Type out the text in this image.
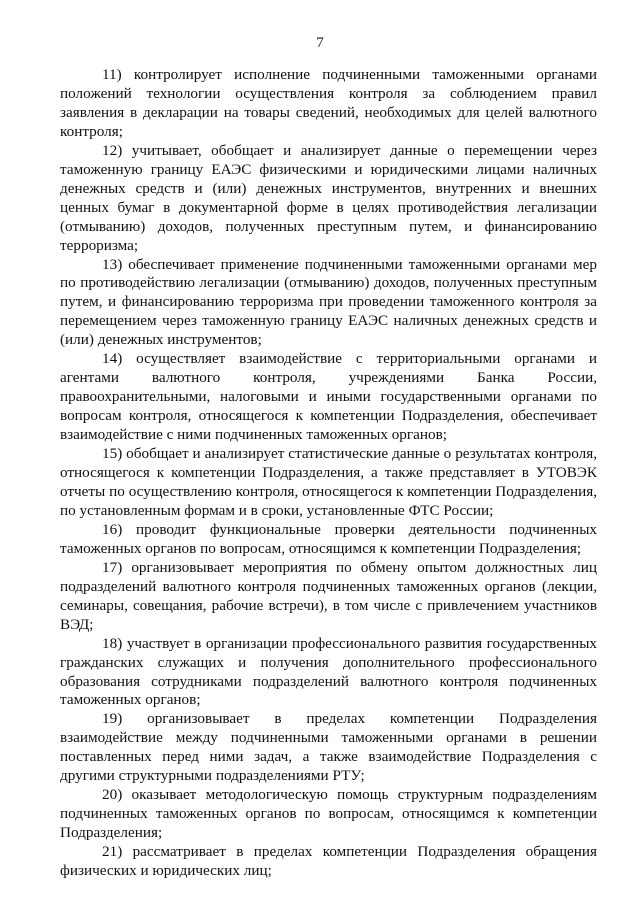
7

11) контролирует исполнение подчиненными таможенными органами положений технологии осуществления контроля за соблюдением правил заявления в декларации на товары сведений, необходимых для целей валютного контроля;

12) учитывает, обобщает и анализирует данные о перемещении через таможенную границу ЕАЭС физическими и юридическими лицами наличных денежных средств и (или) денежных инструментов, внутренних и внешних ценных бумаг в документарной форме в целях противодействия легализации (отмыванию) доходов, полученных преступным путем, и финансированию терроризма;

13) обеспечивает применение подчиненными таможенными органами мер по противодействию легализации (отмыванию) доходов, полученных преступным путем, и финансированию терроризма при проведении таможенного контроля за перемещением через таможенную границу ЕАЭС наличных денежных средств и (или) денежных инструментов;

14) осуществляет взаимодействие с территориальными органами и агентами валютного контроля, учреждениями Банка России, правоохранительными, налоговыми и иными государственными органами по вопросам контроля, относящегося к компетенции Подразделения, обеспечивает взаимодействие с ними подчиненных таможенных органов;

15) обобщает и анализирует статистические данные о результатах контроля, относящегося к компетенции Подразделения, а также представляет в УТОВЭК отчеты по осуществлению контроля, относящегося к компетенции Подразделения, по установленным формам и в сроки, установленные ФТС России;

16) проводит функциональные проверки деятельности подчиненных таможенных органов по вопросам, относящимся к компетенции Подразделения;

17) организовывает мероприятия по обмену опытом должностных лиц подразделений валютного контроля подчиненных таможенных органов (лекции, семинары, совещания, рабочие встречи), в том числе с привлечением участников ВЭД;

18) участвует в организации профессионального развития государственных гражданских служащих и получения дополнительного профессионального образования сотрудниками подразделений валютного контроля подчиненных таможенных органов;

19) организовывает в пределах компетенции Подразделения взаимодействие между подчиненными таможенными органами в решении поставленных перед ними задач, а также взаимодействие Подразделения с другими структурными подразделениями РТУ;

20) оказывает методологическую помощь структурным подразделениям подчиненных таможенных органов по вопросам, относящимся к компетенции Подразделения;

21) рассматривает в пределах компетенции Подразделения обращения физических и юридических лиц;
